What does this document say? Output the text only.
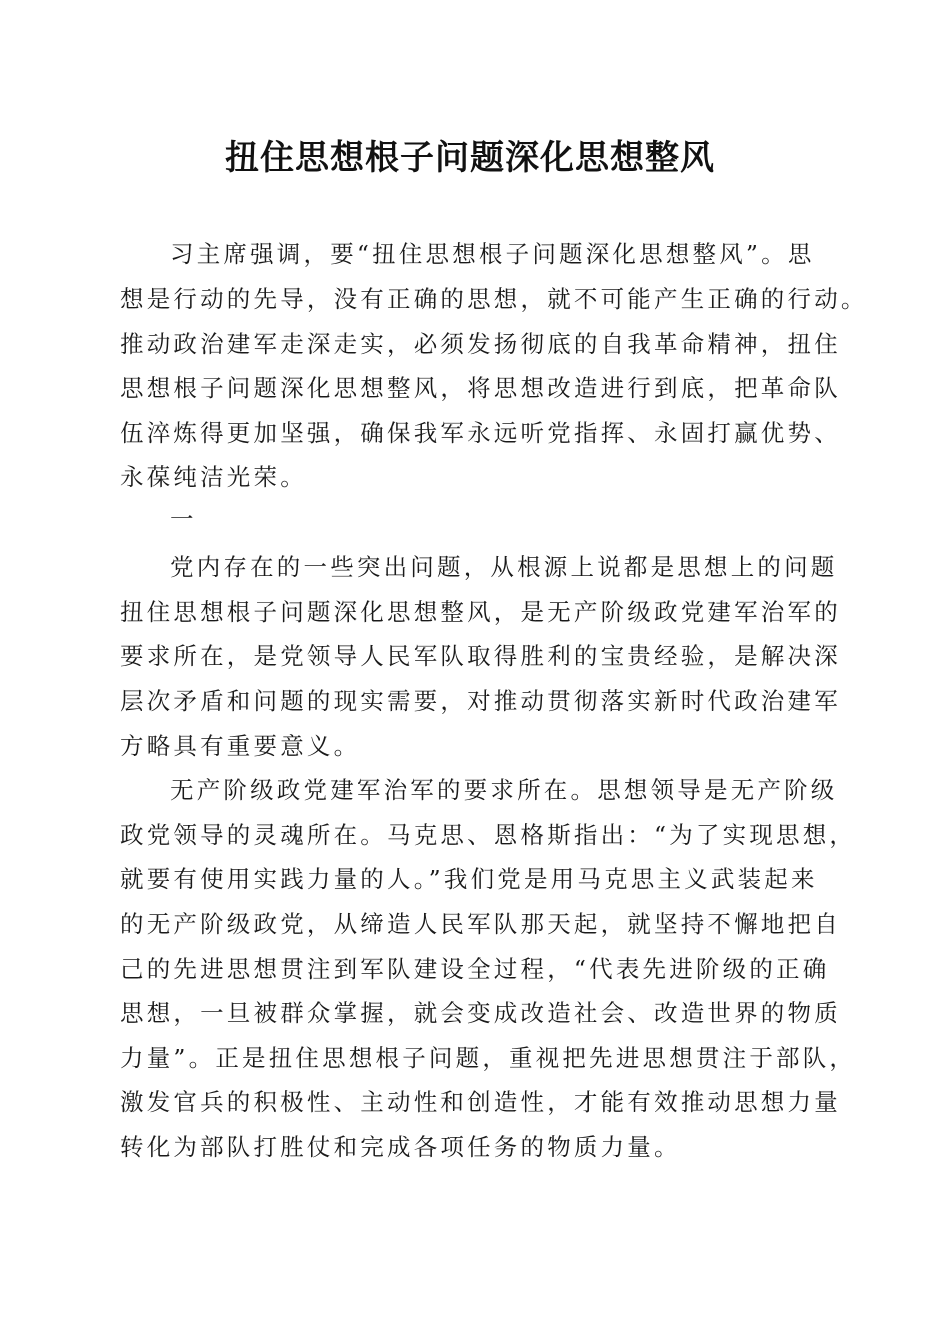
扭住思想根子问题深化思想整风
习主席强调，要“扭住思想根子问题深化思想整风”。思
想是行动的先导，没有正确的思想，就不可能产生正确的行动。
推动政治建军走深走实，必须发扬彻底的自我革命精神，扭住
思想根子问题深化思想整风，将思想改造进行到底，把革命队
伍淬炼得更加坚强，确保我军永远听党指挥、永固打赢优势、
永葆纯洁光荣。
一
党内存在的一些突出问题，从根源上说都是思想上的问题
扭住思想根子问题深化思想整风，是无产阶级政党建军治军的
要求所在，是党领导人民军队取得胜利的宝贵经验，是解决深
层次矛盾和问题的现实需要，对推动贯彻落实新时代政治建军
方略具有重要意义。
无产阶级政党建军治军的要求所在。思想领导是无产阶级
政党领导的灵魂所在。马克思、恩格斯指出：“为了实现思想，
就要有使用实践力量的人。”我们党是用马克思主义武装起来
的无产阶级政党，从缔造人民军队那天起，就坚持不懈地把自
己的先进思想贯注到军队建设全过程，“代表先进阶级的正确
思想，一旦被群众掌握，就会变成改造社会、改造世界的物质
力量”。正是扭住思想根子问题，重视把先进思想贯注于部队，
激发官兵的积极性、主动性和创造性，才能有效推动思想力量
转化为部队打胜仗和完成各项任务的物质力量。
